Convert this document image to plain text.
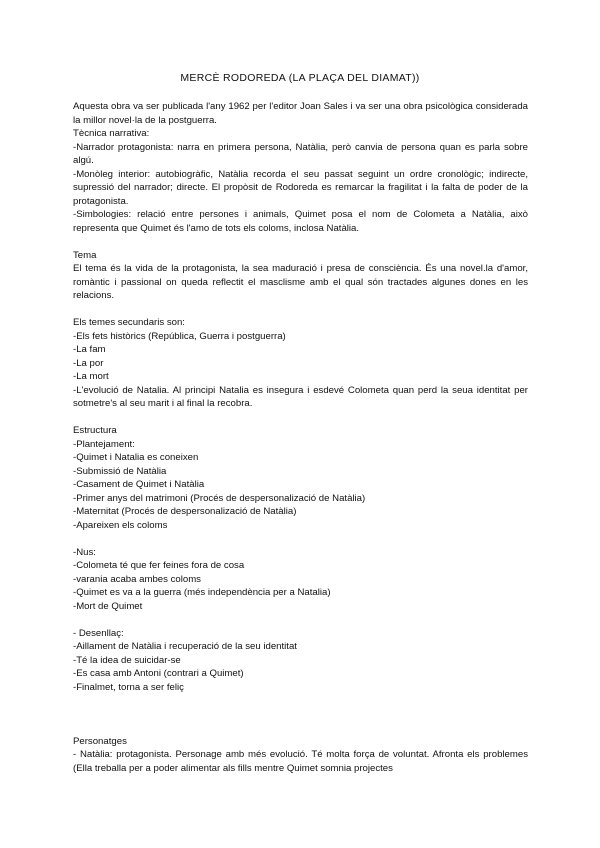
MERCÈ RODOREDA (LA PLAÇA DEL DIAMAT))

Aquesta obra va ser publicada l'any 1962 per l'editor Joan Sales i va ser una obra psicològica considerada la millor novel·la de la postguerra.

Tècnica narrativa:

-Narrador protagonista: narra en primera persona, Natàlia, però canvia de persona quan es parla sobre algú.

-Monòleg interior: autobiogràfic, Natàlia recorda el seu passat seguint un ordre cronològic; indirecte, supressió del narrador; directe. El propòsit de Rodoreda es remarcar la fragilitat i la falta de poder de la protagonista.

-Simbologies: relació entre persones i animals, Quimet posa el nom de Colometa a Natàlia, això representa que Quimet és l'amo de tots els coloms, inclosa Natàlia.

Tema

El tema és la vida de la protagonista, la sea maduració i presa de consciència. És una novel.la d'amor, romàntic i passional on queda reflectit el masclisme amb el qual són tractades algunes dones en les relacions.

Els temes secundaris son:

-Els fets històrics (República, Guerra i postguerra)

-La fam

-La por

-La mort

-L'evolució de Natalia. Al principi Natalia es insegura i esdevé Colometa quan perd la seua identitat per sotmetre's al seu marit i al final la recobra.

Estructura

-Plantejament:

-Quimet i Natalia es coneixen

-Submissió de Natàlia

-Casament de Quimet i Natàlia

-Primer anys del matrimoni (Procés de despersonalizació de Natàlia)

-Maternitat (Procés de despersonalizació de Natàlia)

-Apareixen els coloms

-Nus:

-Colometa té que fer feines fora de cosa

-varania acaba ambes coloms

-Quimet es va a la guerra (més independència per a Natalia)

-Mort de Quimet

- Desenllaç:

-Aillament de Natàlia i recuperació de la seu identitat

-Té la idea de suicidar-se

-Es casa amb Antoni (contrari a Quimet)

-Finalmet, torna a ser feliç

Personatges

- Natàlia: protagonista. Personage amb més evolució. Té molta força de voluntat. Afronta els problemes (Ella treballa per a poder alimentar als fills mentre Quimet somnia projectes
